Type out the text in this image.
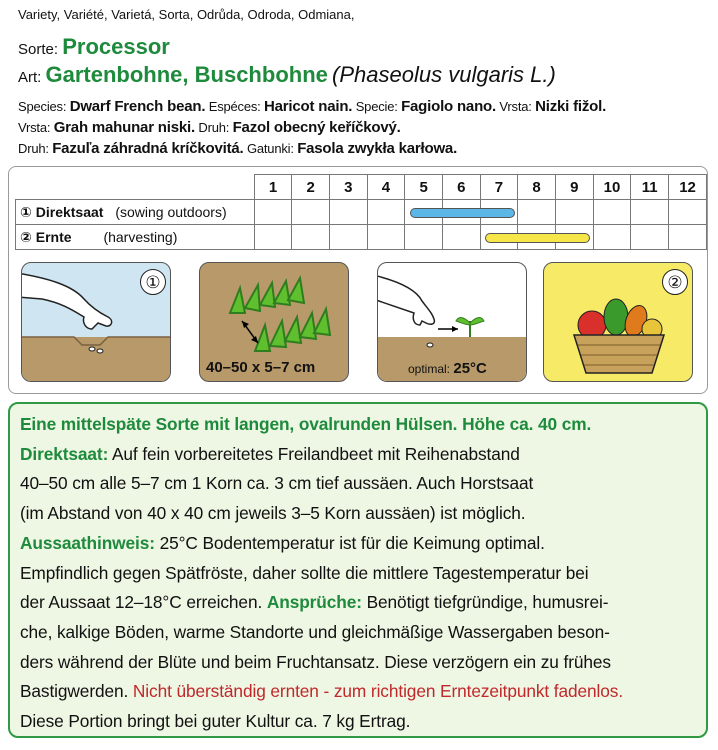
Variety, Variété, Varietá, Sorta, Odrůda, Odroda, Odmiana,
Sorte: Processor
Art: Gartenbohne, Buschbohne (Phaseolus vulgaris L.)
Species: Dwarf French bean. Espéces: Haricot nain. Specie: Fagiolo nano. Vrsta: Nizki fižol.
Vrsta: Grah mahunar niski. Druh: Fazol obecný keříčkový.
Druh: Fazuľa záhradná kríčkovitá. Gatunki: Fasola zwykła karłowa.
	1	2	3	4	5	6	7	8	9	10	11	12
① Direktsaat (sowing outdoors)												
② Ernte (harvesting)												
①
40–50 x 5–7 cm	optimal: 25°C
②
Eine mittelspäte Sorte mit langen, ovalrunden Hülsen. Höhe ca. 40 cm.
Direktsaat: Auf fein vorbereitetes Freilandbeet mit Reihenabstand
40–50 cm alle 5–7 cm 1 Korn ca. 3 cm tief aussäen. Auch Horstsaat
(im Abstand von 40 x 40 cm jeweils 3–5 Korn aussäen) ist möglich.
Aussaathinweis: 25°C Bodentemperatur ist für die Keimung optimal.
Empfindlich gegen Spätfröste, daher sollte die mittlere Tagestemperatur bei
der Aussaat 12–18°C erreichen. Ansprüche: Benötigt tiefgründige, humusrei-
che, kalkige Böden, warme Standorte und gleichmäßige Wassergaben beson-
ders während der Blüte und beim Fruchtansatz. Diese verzögern ein zu frühes
Bastigwerden. Nicht überständig ernten - zum richtigen Erntezeitpunkt fadenlos.
Diese Portion bringt bei guter Kultur ca. 7 kg Ertrag.
